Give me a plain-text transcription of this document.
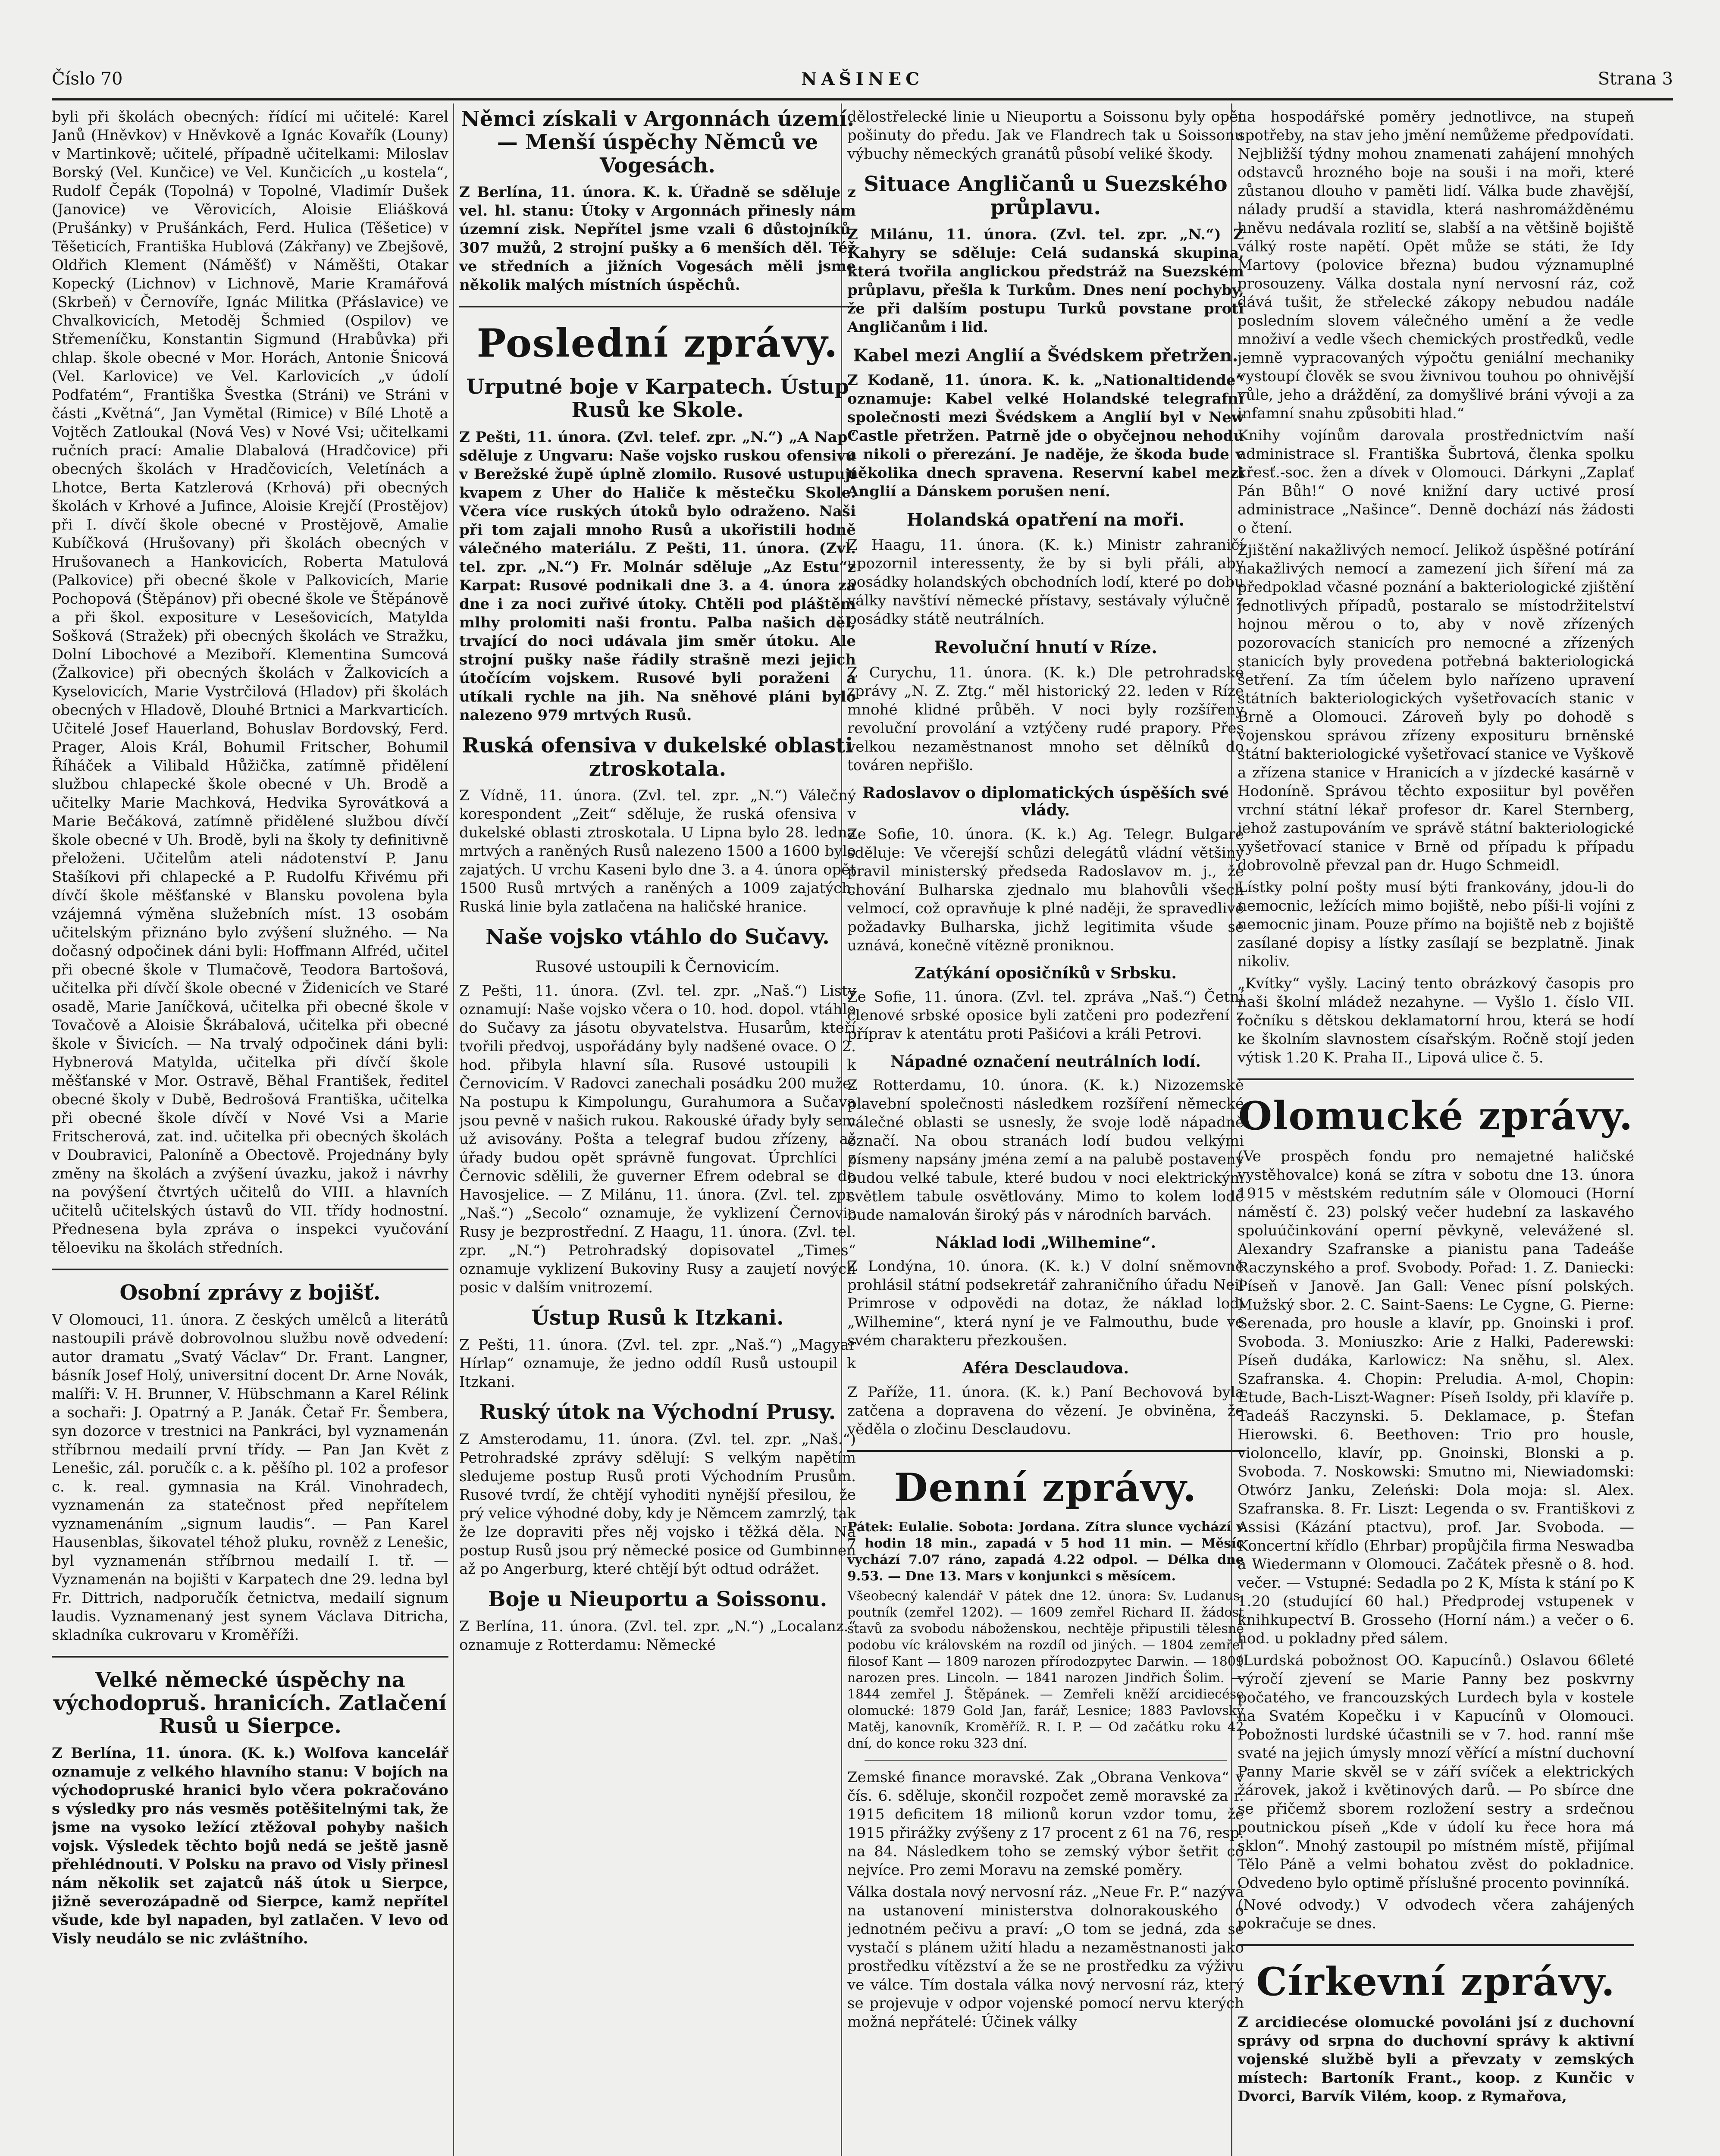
Číslo 70	NAŠINEC	Strana 3

byli při školách obecných: řídící mi učitelé: Karel Janů (Hněvkov) v Hněvkově a Ignác Kovařík (Louny) v Martinkově; učitelé, případně učitelkami: Miloslav Borský (Vel. Kunčice) ve Vel. Kunčicích „u kostela“, Rudolf Čepák (Topolná) v Topolné, Vladimír Dušek (Janovice) ve Věrovicích, Aloisie Eliášková (Prušánky) v Prušánkách, Ferd. Hulica (Těšetice) v Těšeticích, Františka Hublová (Zákřany) ve Zbejšově, Oldřich Klement (Náměšť) v Náměšti, Otakar Kopecký (Lichnov) v Lichnově, Marie Kramářová (Skrbeň) v Černovíře, Ignác Militka (Přáslavice) ve Chvalkovicích, Metoděj Šchmied (Ospilov) ve Střemeníčku, Konstantin Sigmund (Hrabůvka) při chlap. škole obecné v Mor. Horách, Antonie Šnicová (Vel. Karlovice) ve Vel. Karlovicích „v údolí Podfatém“, Františka Švestka (Stráni) ve Stráni v části „Květná“, Jan Vymětal (Rimice) v Bílé Lhotě a Vojtěch Zatloukal (Nová Ves) v Nové Vsi; učitelkami ručních prací: Amalie Dlabalová (Hradčovice) při obecných školách v Hradčovicích, Veletínách a Lhotce, Berta Katzlerová (Krhová) při obecných školách v Krhové a Jufince, Aloisie Krejčí (Prostějov) při I. dívčí škole obecné v Prostějově, Amalie Kubíčková (Hrušovany) při školách obecných v Hrušovanech a Hankovicích, Roberta Matulová (Palkovice) při obecné škole v Palkovicích, Marie Pochopová (Štěpánov) při obecné škole ve Štěpánově a při škol. expositure v Lesešovicích, Matylda Sošková (Stražek) při obecných školách ve Stražku, Dolní Libochové a Meziboří. Klementina Sumcová (Žalkovice) při obecných školách v Žalkovicích a Kyselovicích, Marie Vystrčilová (Hladov) při školách obecných v Hladově, Dlouhé Brtnici a Markvarticích. Učitelé Josef Hauerland, Bohuslav Bordovský, Ferd. Prager, Alois Král, Bohumil Fritscher, Bohumil Říháček a Vilibald Hůžička, zatímně přidělení službou chlapecké škole obecné v Uh. Brodě a učitelky Marie Machková, Hedvika Syrovátková a Marie Bečáková, zatímně přidělené službou dívčí škole obecné v Uh. Brodě, byli na školy ty definitivně přeloženi. Učitelům ateli nádotenství P. Janu Stašíkovi při chlapecké a P. Rudolfu Křivému při dívčí škole měšťanské v Blansku povolena byla vzájemná výměna služebních míst. 13 osobám učitelským přiznáno bylo zvýšení služného. — Na dočasný odpočinek dáni byli: Hoffmann Alfréd, učitel při obecné škole v Tlumačově, Teodora Bartošová, učitelka při dívčí škole obecné v Židenicích ve Staré osadě, Marie Janíčková, učitelka při obecné škole v Tovačově a Aloisie Škrábalová, učitelka při obecné škole v Šivicích. — Na trvalý odpočinek dáni byli: Hybnerová Matylda, učitelka při dívčí škole měšťanské v Mor. Ostravě, Běhal František, ředitel obecné školy v Dubě, Bedrošová Františka, učitelka při obecné škole dívčí v Nové Vsi a Marie Fritscherová, zat. ind. učitelka při obecných školách v Doubravici, Paloníně a Obectově. Projednány byly změny na školách a zvýšení úvazku, jakož i návrhy na povýšení čtvrtých učitelů do VIII. a hlavních učitelů učitelských ústavů do VII. třídy hodnostní. Přednesena byla zpráva o inspekci vyučování těloeviku na školách středních.

Osobní zprávy z bojišť.

V Olomouci, 11. února. Z českých umělců a literátů nastoupili právě dobrovolnou službu nově odvedení: autor dramatu „Svatý Václav“ Dr. Frant. Langner, básník Josef Holý, universitní docent Dr. Arne Novák, malíři: V. H. Brunner, V. Hübschmann a Karel Rélink a sochaři: J. Opatrný a P. Janák. Četař Fr. Šembera, syn dozorce v trestnici na Pankráci, byl vyznamenán stříbrnou medailí první třídy. — Pan Jan Květ z Lenešic, zál. poručík c. a k. pěšího pl. 102 a profesor c. k. real. gymnasia na Král. Vinohradech, vyznamenán za statečnost před nepřítelem vyznamenáním „signum laudis“. — Pan Karel Hausenblas, šikovatel téhož pluku, rovněž z Lenešic, byl vyznamenán stříbrnou medailí I. tř. — Vyznamenán na bojišti v Karpatech dne 29. ledna byl Fr. Dittrich, nadporučík četnictva, medailí signum laudis. Vyznamenaný jest synem Václava Ditricha, skladníka cukrovaru v Kroměříži.

Velké německé úspěchy na východopruš. hranicích. Zatlačení Rusů u Sierpce.

Z Berlína, 11. února. (K. k.) Wolfova kancelář oznamuje z velkého hlavního stanu: V bojích na východopruské hranici bylo včera pokračováno s výsledky pro nás vesměs potěšitelnými tak, že jsme na vysoko ležící ztěžoval pohyby našich vojsk. Výsledek těchto bojů nedá se ještě jasně přehlédnouti. V Polsku na pravo od Visly přinesl nám několik set zajatců náš útok u Sierpce, jižně severozápadně od Sierpce, kamž nepřítel všude, kde byl napaden, byl zatlačen. V levo od Visly neudálo se nic zvláštního.

Němci získali v Argonnách území. — Menší úspěchy Němců ve Vogesách.

Z Berlína, 11. února. K. k. Úřadně se sděluje z vel. hl. stanu: Útoky v Argonnách přinesly nám územní zisk. Nepřítel jsme vzali 6 důstojníků, 307 mužů, 2 strojní pušky a 6 menších děl. Též ve středních a jižních Vogesách měli jsme několik malých místních úspěchů.

Poslední zprávy.
Urputné boje v Karpatech. Ústup Rusů ke Skole.

Z Pešti, 11. února. (Zvl. telef. zpr. „N.“) „A Nap“ sděluje z Ungvaru: Naše vojsko ruskou ofensivu v Berežské župě úplně zlomilo. Rusové ustupují kvapem z Uher do Haliče k městečku Skole. Včera více ruských útoků bylo odraženo. Naši při tom zajali mnoho Rusů a ukořistili hodně válečného materiálu. Z Pešti, 11. února. (Zvl. tel. zpr. „N.“) Fr. Molnár sděluje „Az Estu“z Karpat: Rusové podnikali dne 3. a 4. února za dne i za noci zuřivé útoky. Chtěli pod pláštěm mlhy prolomiti naši frontu. Palba našich děl, trvající do noci udávala jim směr útoku. Ale strojní pušky naše řádily strašně mezi jejich útočícím vojskem. Rusové byli poraženi a utíkali rychle na jih. Na sněhové pláni bylo nalezeno 979 mrtvých Rusů.

Ruská ofensiva v dukelské oblasti ztroskotala.

Z Vídně, 11. února. (Zvl. tel. zpr. „N.“) Válečný korespondent „Zeit“ sděluje, že ruská ofensiva v dukelské oblasti ztroskotala. U Lipna bylo 28. ledna mrtvých a raněných Rusů nalezeno 1500 a 1600 bylo zajatých. U vrchu Kaseni bylo dne 3. a 4. února opět 1500 Rusů mrtvých a raněných a 1009 zajatých. Ruská linie byla zatlačena na haličské hranice.

Naše vojsko vtáhlo do Sučavy.
Rusové ustoupili k Černovicím.

Z Pešti, 11. února. (Zvl. tel. zpr. „Naš.“) Listy oznamují: Naše vojsko včera o 10. hod. dopol. vtáhlo do Sučavy za jásotu obyvatelstva. Husarům, kteří tvořili předvoj, uspořádány byly nadšené ovace. O 2. hod. přibyla hlavní síla. Rusové ustoupili k Černovicím. V Radovci zanechali posádku 200 muže. Na postupu k Kimpolungu, Gurahumora a Sučava jsou pevně v našich rukou. Rakouské úřady byly sem už avisovány. Pošta a telegraf budou zřízeny, až úřady budou opět správně fungovat. Úprchlíci z Černovic sdělili, že guverner Efrem odebral se do Havosjelice. — Z Milánu, 11. února. (Zvl. tel. zpr. „Naš.“) „Secolo“ oznamuje, že vyklizení Černovic Rusy je bezprostřední. Z Haagu, 11. února. (Zvl. tel. zpr. „N.“) Petrohradský dopisovatel „Times“ oznamuje vyklizení Bukoviny Rusy a zaujetí nových posic v dalším vnitrozemí.

Ústup Rusů k Itzkani.

Z Pešti, 11. února. (Zvl. tel. zpr. „Naš.“) „Magyar Hírlap“ oznamuje, že jedno oddíl Rusů ustoupil k Itzkani.

Ruský útok na Východní Prusy.

Z Amsterodamu, 11. února. (Zvl. tel. zpr. „Naš.“) Petrohradské zprávy sdělují: S velkým napětím sledujeme postup Rusů proti Východním Prusům. Rusové tvrdí, že chtějí vyhoditi nynější přesilou, že prý velice výhodné doby, kdy je Němcem zamrzlý, tak že lze dopraviti přes něj vojsko i těžká děla. Na postup Rusů jsou prý německé posice od Gumbinnen až po Angerburg, které chtějí být odtud odrážet.

Boje u Nieuportu a Soissonu.

Z Berlína, 11. února. (Zvl. tel. zpr. „N.“) „Localanz.“ oznamuje z Rotterdamu: Německé

dělostřelecké linie u Nieuportu a Soissonu byly opět pošinuty do předu. Jak ve Flandrech tak u Soissonu výbuchy německých granátů působí veliké škody.

Situace Angličanů u Suezského průplavu.

Z Milánu, 11. února. (Zvl. tel. zpr. „N.“) Z Kahyry se sděluje: Celá sudanská skupina, která tvořila anglickou předstráž na Suezském průplavu, přešla k Turkům. Dnes není pochyby, že při dalším postupu Turků povstane proti Angličanům i lid.

Kabel mezi Anglií a Švédskem přetržen.

Z Kodaně, 11. února. K. k. „Nationaltidende“ oznamuje: Kabel velké Holandské telegrafní společnosti mezi Švédskem a Anglií byl v New Castle přetržen. Patrně jde o obyčejnou nehodu a nikoli o přerezání. Je naděje, že škoda bude v několika dnech spravena. Reservní kabel mezi Anglií a Dánskem porušen není.

Holandská opatření na moři.

Z Haagu, 11. února. (K. k.) Ministr zahraničí upozornil interessenty, že by si byli přáli, aby posádky holandských obchodních lodí, které po dobu války navštíví německé přístavy, sestávaly výlučně z posádky státě neutrálních.

Revoluční hnutí v Ríze.

Z Curychu, 11. února. (K. k.) Dle petrohradské zprávy „N. Z. Ztg.“ měl historický 22. leden v Ríze mnohé klidné průběh. V noci byly rozšířeny revoluční provolání a vztýčeny rudé prapory. Přes velkou nezaměstnanost mnoho set dělníků do továren nepřišlo.

Radoslavov o diplomatických úspěších své vlády.

Ze Sofie, 10. února. (K. k.) Ag. Telegr. Bulgare sděluje: Ve včerejší schůzi delegátů vládní většiny pravil ministerský předseda Radoslavov m. j., že chování Bulharska zjednalo mu blahovůli všech velmocí, což opravňuje k plné naději, že spravedlivé požadavky Bulharska, jichž legitimita všude se uznává, konečně vítězně proniknou.

Zatýkání oposičníků v Srbsku.

Ze Sofie, 11. února. (Zvl. tel. zpráva „Naš.“) Četní členové srbské oposice byli zatčeni pro podezření z příprav k atentátu proti Pašićovi a králi Petrovi.

Nápadné označení neutrálních lodí.

Z Rotterdamu, 10. února. (K. k.) Nizozemské plavební společnosti následkem rozšíření německé válečné oblasti se usnesly, že svoje lodě nápadně označí. Na obou stranách lodí budou velkými písmeny napsány jména zemí a na palubě postaveny budou velké tabule, které budou v noci elektrickým světlem tabule osvětlovány. Mimo to kolem lodě bude namalován široký pás v národních barvách.

Náklad lodi „Wilhemine“.

Z Londýna, 10. února. (K. k.) V dolní sněmovně prohlásil státní podsekretář zahraničního úřadu Neil Primrose v odpovědi na dotaz, že náklad lodi „Wilhemine“, která nyní je ve Falmouthu, bude ve svém charakteru přezkoušen.

Aféra Desclaudova.

Z Paříže, 11. února. (K. k.) Paní Bechovová byla zatčena a dopravena do vězení. Je obviněna, že věděla o zločinu Desclaudovu.

Denní zprávy.

Pátek: Eulalie. Sobota: Jordana. Zítra slunce vychází v 7 hodin 18 min., zapadá v 5 hod 11 min. — Měsíc vychází 7.07 ráno, zapadá 4.22 odpol. — Délka dne 9.53. — Dne 13. Mars v konjunkci s měsícem.

Všeobecný kalendář V pátek dne 12. února: Sv. Ludanus, poutník (zemřel 1202). — 1609 zemřel Richard II. žádost stavů za svobodu náboženskou, nechtěje připustili tělesné podobu víc královském na rozdíl od jiných. — 1804 zemřel filosof Kant — 1809 narozen přírodozpytec Darwin. — 1809 narozen pres. Lincoln. — 1841 narozen Jindřich Šolim. — 1844 zemřel J. Štěpánek. — Zemřeli kněží arcidiecése olomucké: 1879 Gold Jan, farář, Lesnice; 1883 Pavlovský Matěj, kanovník, Kroměříž. R. I. P. — Od začátku roku 42 dní, do konce roku 323 dní.

Zemské finance moravské. Zak „Obrana Venkova“ v čís. 6. sděluje, skončil rozpočet země moravské za r. 1915 deficitem 18 milionů korun vzdor tomu, že 1915 přirážky zvýšeny z 17 procent z 61 na 76, resp. na 84. Následkem toho se zemský výbor šetřit co nejvíce. Pro zemi Moravu na zemské poměry.

Válka dostala nový nervosní ráz. „Neue Fr. P.“ nazývá na ustanovení ministerstva dolnorakouského o jednotném pečivu a praví: „O tom se jedná, zda se vystačí s plánem užití hladu a nezaměstnanosti jako prostředku vítězství a že se ne prostředku za výživu ve válce. Tím dostala válka nový nervosní ráz, který se projevuje v odpor vojenské pomocí nervu kterých možná nepřátelé: Účinek války

na hospodářské poměry jednotlivce, na stupeň spotřeby, na stav jeho jmění nemůžeme předpovídati. Nejbližší týdny mohou znamenati zahájení mnohých odstavců hrozného boje na souši i na moři, které zůstanou dlouho v paměti lidí. Válka bude zhavější, nálady prudší a stavidla, která nashromážděnému hněvu nedávala rozlití se, slabší a na většině bojiště válký roste napětí. Opět může se státi, že Idy Martovy (polovice března) budou významuplné prosouzeny. Válka dostala nyní nervosní ráz, což dává tušit, že střelecké zákopy nebudou nadále posledním slovem válečného umění a že vedle množiví a vedle všech chemických prostředků, vedle jemně vypracovaných výpočtu geniální mechaniky vystoupí člověk se svou živnivou touhou po ohnivější vůle, jeho a dráždění, za domyšlivé bráni vývoji a za infamní snahu způsobiti hlad.“

Knihy vojínům darovala prostřednictvím naší administrace sl. Františka Šubrtová, členka spolku křesť.-soc. žen a dívek v Olomouci. Dárkyni „Zaplať Pán Bůh!“ O nové knižní dary uctivé prosí administrace „Našince“. Denně dochází nás žádosti o čtení.

Zjištění nakažlivých nemocí. Jelikož úspěšné potírání nakažlivých nemocí a zamezení jich šíření má za předpoklad včasné poznání a bakteriologické zjištění jednotlivých případů, postaralo se místodržitelství hojnou měrou o to, aby v nově zřízených pozorovacích stanicích pro nemocné a zřízených stanicích byly provedena potřebná bakteriologická šetření. Za tím účelem bylo nařízeno upravení státních bakteriologických vyšetřovacích stanic v Brně a Olomouci. Zároveň byly po dohodě s vojenskou správou zřízeny exposituru brněnské státní bakteriologické vyšetřovací stanice ve Vyškově a zřízena stanice v Hranicích a v jízdecké kasárně v Hodoníně. Správou těchto exposiitur byl pověřen vrchní státní lékař profesor dr. Karel Sternberg, jehož zastupováním ve správě státní bakteriologické vyšetřovací stanice v Brně od případu k případu dobrovolně převzal pan dr. Hugo Schmeidl.

Lístky polní pošty musí býti frankovány, jdou-li do nemocnic, ležících mimo bojiště, nebo píši-li vojíni z nemocnic jinam. Pouze přímo na bojiště neb z bojiště zasílané dopisy a lístky zasílají se bezplatně. Jinak nikoliv.

„Kvítky“ vyšly. Laciný tento obrázkový časopis pro naši školní mládež nezahyne. — Vyšlo 1. číslo VII. ročníku s dětskou deklamatorní hrou, která se hodí ke školním slavnostem císařským. Ročně stojí jeden výtisk 1.20 K. Praha II., Lipová ulice č. 5.

Olomucké zprávy.

(Ve prospěch fondu pro nemajetné haličské vystěhovalce) koná se zítra v sobotu dne 13. února 1915 v městském redutním sále v Olomouci (Horní náměstí č. 23) polský večer hudební za laskavého spoluúčinkování operní pěvkyně, velevážené sl. Alexandry Szafranske a pianistu pana Tadeáše Raczynského a prof. Svobody. Pořad: 1. Z. Daniecki: Píseň v Janově. Jan Gall: Venec písní polských. Mužský sbor. 2. C. Saint-Saens: Le Cygne, G. Pierne: Serenada, pro housle a klavír, pp. Gnoinski i prof. Svoboda. 3. Moniuszko: Arie z Halki, Paderewski: Píseň dudáka, Karlowicz: Na sněhu, sl. Alex. Szafranska. 4. Chopin: Preludia. A-mol, Chopin: Etude, Bach-Liszt-Wagner: Píseň Isoldy, při klavíře p. Tadeáš Raczynski. 5. Deklamace, p. Štefan Hierowski. 6. Beethoven: Trio pro housle, violoncello, klavír, pp. Gnoinski, Blonski a p. Svoboda. 7. Noskowski: Smutno mi, Niewiadomski: Otwórz Janku, Zeleński: Dola moja: sl. Alex. Szafranska. 8. Fr. Liszt: Legenda o sv. Františkovi z Assisi (Kázání ptactvu), prof. Jar. Svoboda. — Koncertní křídlo (Ehrbar) propůjčila firma Neswadba a Wiedermann v Olomouci. Začátek přesně o 8. hod. večer. — Vstupné: Sedadla po 2 K, Místa k stání po K 1.20 (studující 60 hal.) Předprodej vstupenek v knihkupectví B. Grosseho (Horní nám.) a večer o 6. hod. u pokladny před sálem.

(Lurdská pobožnost OO. Kapucínů.) Oslavou 66leté výročí zjevení se Marie Panny bez poskvrny počatého, ve francouzských Lurdech byla v kostele na Svatém Kopečku i v Kapucínů v Olomouci. Pobožnosti lurdské účastnili se v 7. hod. ranní mše svaté na jejich úmysly mnozí věřící a místní duchovní Panny Marie skvěl se v září svíček a elektrických žárovek, jakož i květinových darů. — Po sbírce dne se přičemž sborem rozložení sestry a srdečnou poutnickou píseň „Kde v údolí ku řece hora má sklon“. Mnohý zastoupil po místném místě, přijímal Tělo Páně a velmi bohatou zvěst do pokladnice. Odvedeno bylo optimě příslušné procento povinníká.

(Nové odvody.) V odvodech včera zahájených pokračuje se dnes.

Církevní zprávy.

Z arcidiecése olomucké povoláni jsí z duchovní správy od srpna do duchovní správy k aktivní vojenské službě byli a převzaty v zemských místech: Bartoník Frant., koop. z Kunčic v Dvorci, Barvík Vilém, koop. z Rymařova,
